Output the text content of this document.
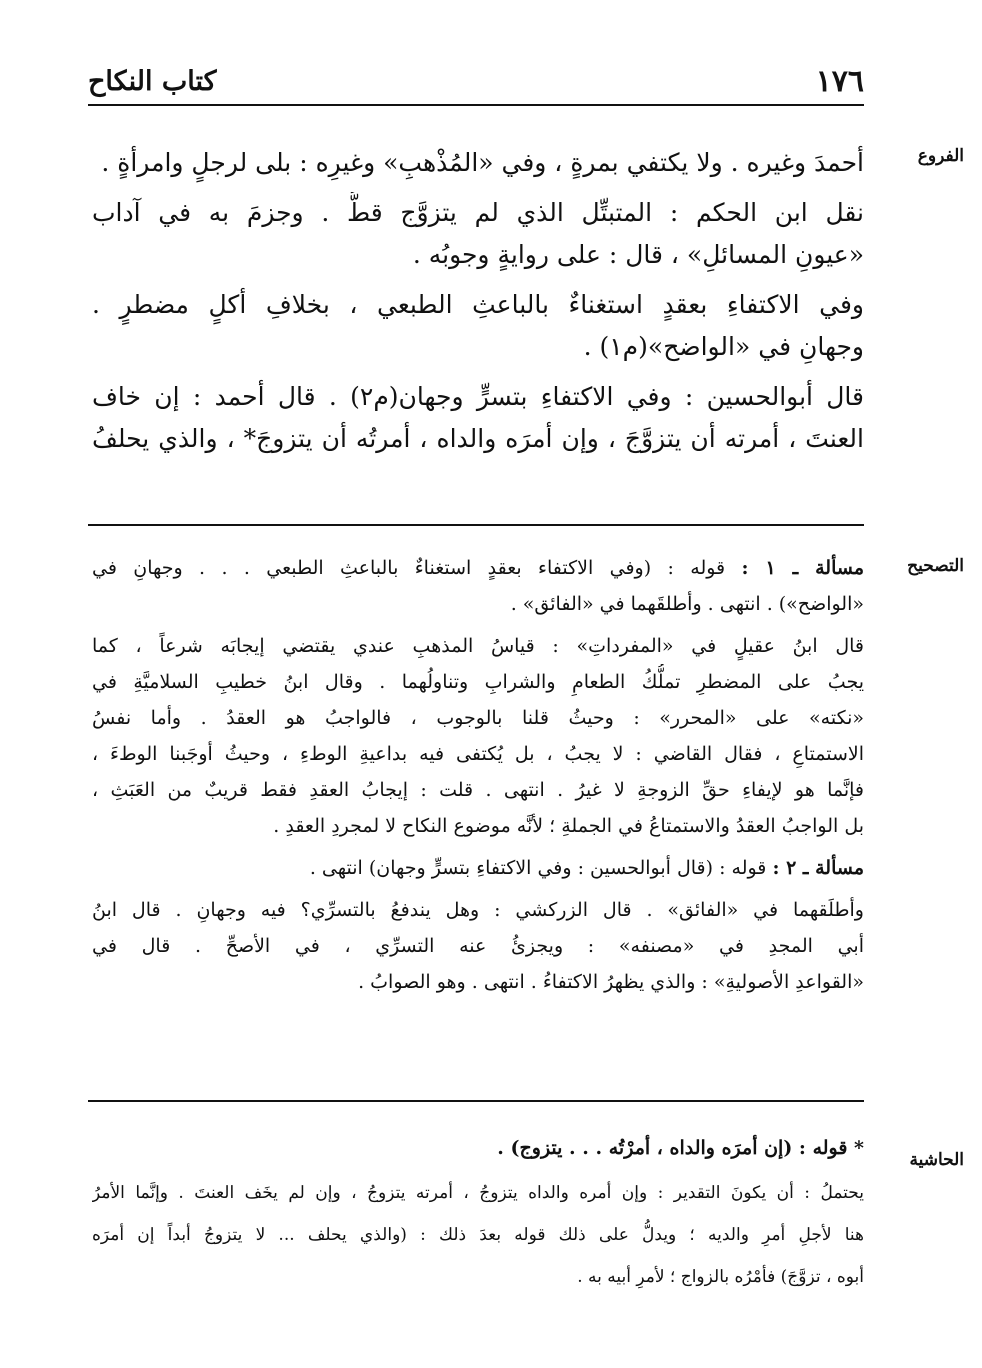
١٧٦
كتاب النكاح
الفروع
أحمدَ وغيره . ولا يكتفي بمرةٍ ، وفي «المُذْهبِ» وغيرِه : بلى لرجلٍ وامرأةٍ .
نقل ابن الحكم : المتبتِّل الذي لم يتزوَّج قطُّ . وجزمَ به في آداب
«عيونِ المسائلِ» ، قال : على روايةٍ وجوبُه .
وفي الاكتفاءِ بعقدٍ استغناءٌ بالباعثِ الطبعي ، بخلافِ أكلٍ مضطرٍ .
وجهانِ في «الواضح»(م١) .
قال أبوالحسين : وفي الاكتفاءِ بتسرٍّ وجهان(م٢) . قال أحمد : إن خاف
العنتَ ، أمرته أن يتزوَّجَ ، وإن أمرَه والداه ، أمرتُه أن يتزوجَ* ، والذي يحلفُ
التصحيح
مسألة ـ ١ : قوله : (وفي الاكتفاء بعقدٍ استغناءٌ بالباعثِ الطبعي . . . وجهانِ في
«الواضح») . انتهى . وأطلقَهما في «الفائق» .
قال ابنُ عقيلٍ في «المفرداتِ» : قياسُ المذهبِ عندي يقتضي إيجابَه شرعاً ، كما
يجبُ على المضطرِ تملُّكُ الطعامِ والشرابِ وتناولُهما . وقال ابنُ خطيبِ السلاميَّةِ في
«نكته» على «المحرر» : وحيثُ قلنا بالوجوب ، فالواجبُ هو العقدُ . وأما نفسُ
الاستمتاعِ ، فقال القاضي : لا يجبُ ، بل يُكتفى فيه بداعيةِ الوطءِ ، وحيثُ أوجَبنا الوطءَ ،
فإنَّما هو لإيفاءِ حقِّ الزوجةِ لا غيرُ . انتهى . قلت : إيجابُ العقدِ فقط قريبٌ من العَبَثِ ،
بل الواجبُ العقدُ والاستمتاعُ في الجملةِ ؛ لأنَّه موضوع النكاح لا لمجردِ العقدِ .
مسألة ـ ٢ : قوله : (قال أبوالحسين : وفي الاكتفاءِ بتسرٍّ وجهان) انتهى .
وأطلَقهما في «الفائق» . قال الزركشي : وهل يندفعُ بالتسرِّي؟ فيه وجهانِ . قال ابنُ
أبي المجدِ في «مصنفه» : ويجزئُ عنه التسرِّي ، في الأصحِّ . قال في
«القواعدِ الأصوليةِ» : والذي يظهرُ الاكتفاءُ . انتهى . وهو الصوابُ .
الحاشية
* قوله : (إن أمرَه والداه ، أمرْتُه . . . يتزوج) .
يحتملُ : أن يكونَ التقدير : وإن أمره والداه يتزوجُ ، أمرته يتزوجُ ، وإن لم يخَف العنتَ . وإنَّما الأمرُ
هنا لأجلِ أمرِ والديه ؛ ويدلُّ على ذلك قوله بعدَ ذلك : (والذي يحلف ... لا يتزوجُ أبداً إن أمرَه
أبوه ، تزوَّجَ) فأمْرُه بالزواج ؛ لأمرِ أبيه به .
